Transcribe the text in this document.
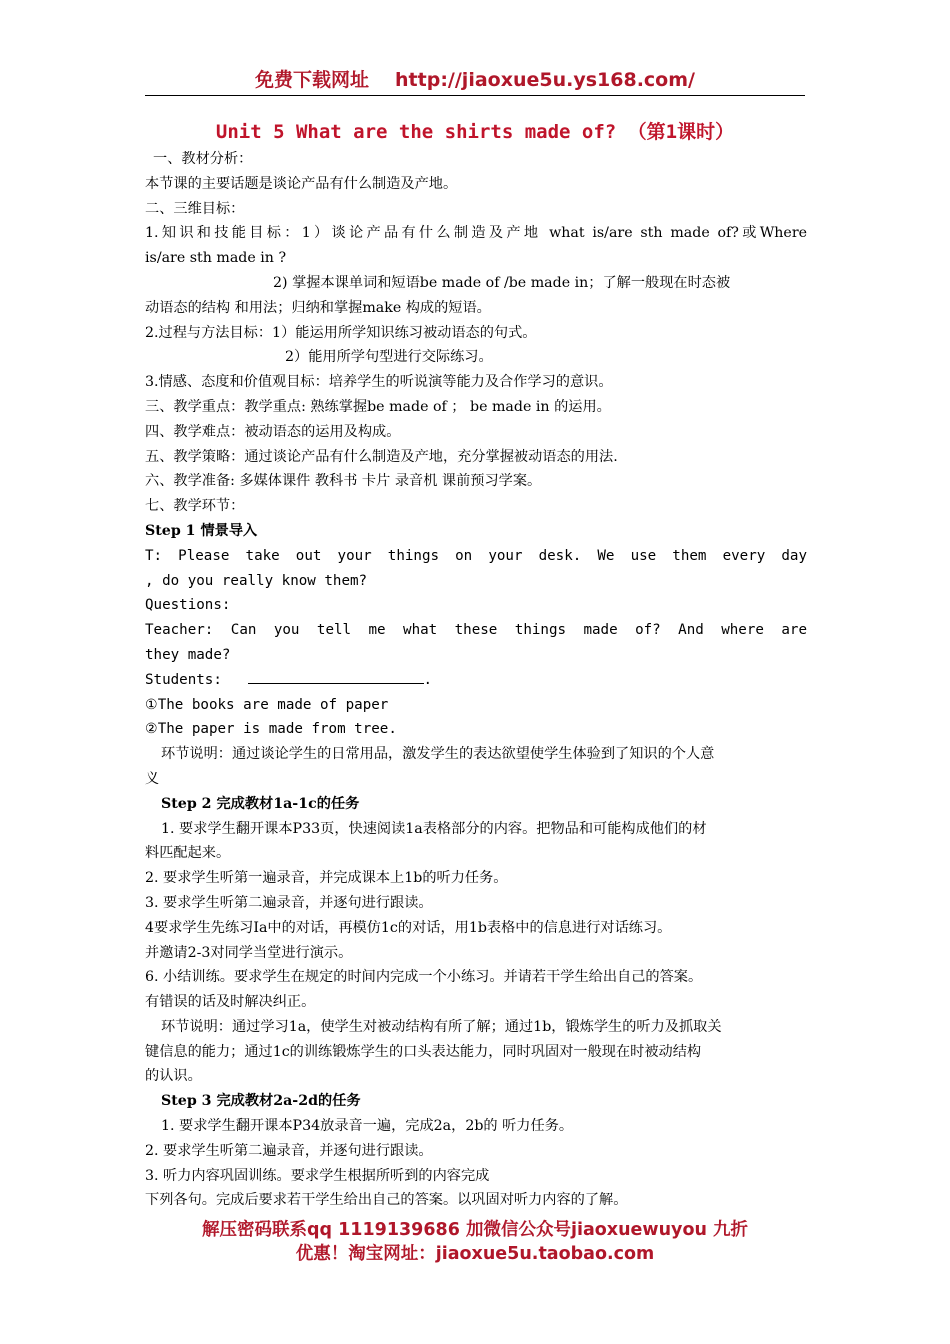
免费下载网址 http://jiaoxue5u.ys168.com/
Unit 5 What are the shirts made of? （第1课时）
一、教材分析：
本节课的主要话题是谈论产品有什么制造及产地。
二、三维目标：
1.知识和技能目标：1）谈论产品有什么制造及产地 what is/are sth made of?或Where
is/are sth made in ?
2) 掌握本课单词和短语be made of /be made in；了解一般现在时态被
动语态的结构 和用法；归纳和掌握make 构成的短语。
2.过程与方法目标：1）能运用所学知识练习被动语态的句式。
2）能用所学句型进行交际练习。
3.情感、态度和价值观目标：培养学生的听说演等能力及合作学习的意识。
三、教学重点：教学重点: 熟练掌握be made of ； be made in 的运用。
四、教学难点：被动语态的运用及构成。
五、教学策略：通过谈论产品有什么制造及产地，充分掌握被动语态的用法.
六、教学准备: 多媒体课件 教科书 卡片 录音机 课前预习学案。
七、教学环节：
Step 1 情景导入
T: Please take out your things on your desk. We use them every day
, do you really know them?
Questions:
Teacher: Can you tell me what these things made of? And where are
they made?
Students:	.
①The books are made of paper
②The paper is made from tree.
环节说明：通过谈论学生的日常用品，激发学生的表达欲望使学生体验到了知识的个人意
义
Step 2 完成教材1a-1c的任务
1. 要求学生翻开课本P33页，快速阅读1a表格部分的内容。把物品和可能构成他们的材
料匹配起来。
2. 要求学生听第一遍录音，并完成课本上1b的听力任务。
3. 要求学生听第二遍录音，并逐句进行跟读。
4要求学生先练习Ia中的对话，再模仿1c的对话，用1b表格中的信息进行对话练习。
并邀请2-3对同学当堂进行演示。
6. 小结训练。要求学生在规定的时间内完成一个小练习。并请若干学生给出自己的答案。
有错误的话及时解决纠正。
环节说明：通过学习1a，使学生对被动结构有所了解；通过1b，锻炼学生的听力及抓取关
键信息的能力；通过1c的训练锻炼学生的口头表达能力，同时巩固对一般现在时被动结构
的认识。
Step 3 完成教材2a-2d的任务
1. 要求学生翻开课本P34放录音一遍，完成2a，2b的 听力任务。
2. 要求学生听第二遍录音，并逐句进行跟读。
3. 听力内容巩固训练。要求学生根据所听到的内容完成
下列各句。完成后要求若干学生给出自己的答案。以巩固对听力内容的了解。
解压密码联系qq 1119139686 加微信公众号jiaoxuewuyou 九折
优惠！淘宝网址：jiaoxue5u.taobao.com
